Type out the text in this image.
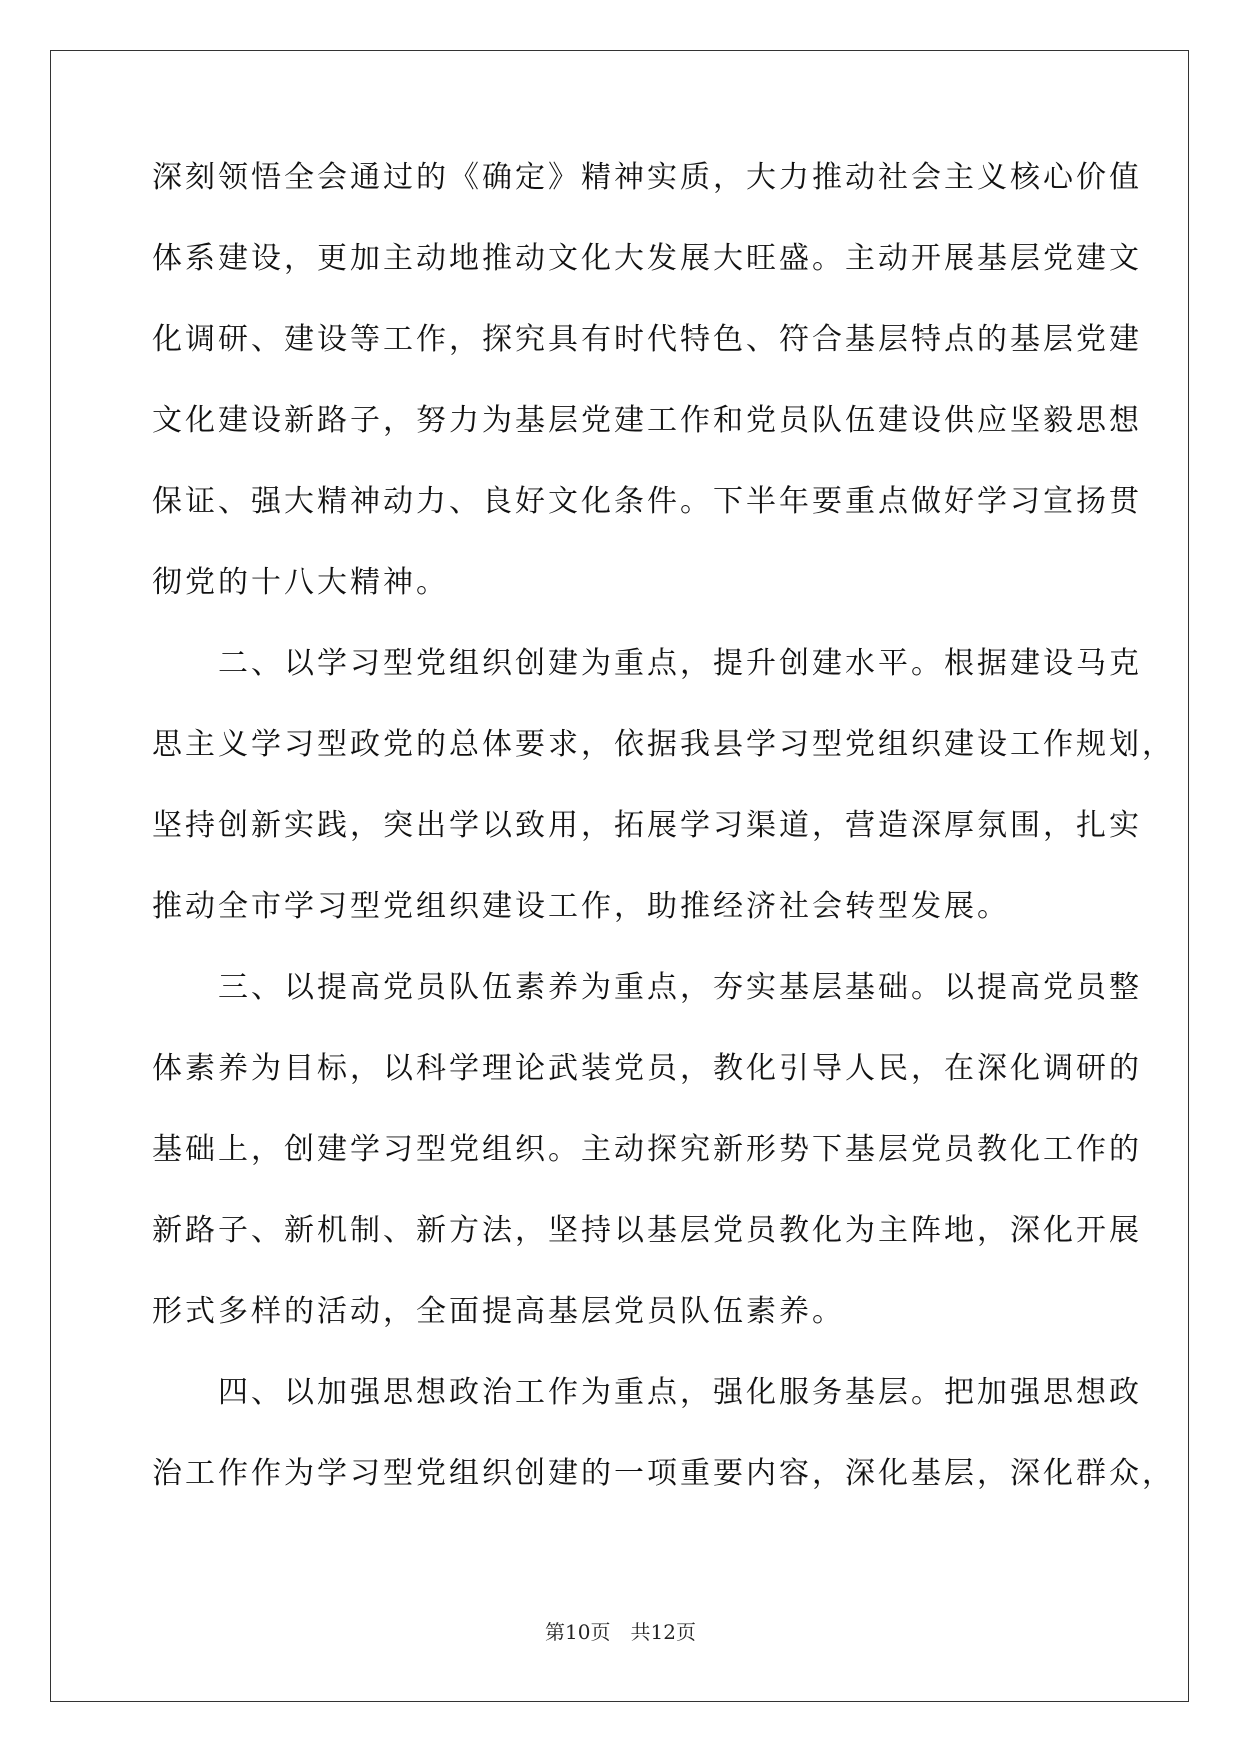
深刻领悟全会通过的《确定》精神实质，大力推动社会主义核心价值
体系建设，更加主动地推动文化大发展大旺盛。主动开展基层党建文
化调研、建设等工作，探究具有时代特色、符合基层特点的基层党建
文化建设新路子，努力为基层党建工作和党员队伍建设供应坚毅思想
保证、强大精神动力、良好文化条件。下半年要重点做好学习宣扬贯
彻党的十八大精神。
　　二、以学习型党组织创建为重点，提升创建水平。根据建设马克
思主义学习型政党的总体要求，依据我县学习型党组织建设工作规划，
坚持创新实践，突出学以致用，拓展学习渠道，营造深厚氛围，扎实
推动全市学习型党组织建设工作，助推经济社会转型发展。
　　三、以提高党员队伍素养为重点，夯实基层基础。以提高党员整
体素养为目标，以科学理论武装党员，教化引导人民，在深化调研的
基础上，创建学习型党组织。主动探究新形势下基层党员教化工作的
新路子、新机制、新方法，坚持以基层党员教化为主阵地，深化开展
形式多样的活动，全面提高基层党员队伍素养。
　　四、以加强思想政治工作为重点，强化服务基层。把加强思想政
治工作作为学习型党组织创建的一项重要内容，深化基层，深化群众，
第10页　共12页
